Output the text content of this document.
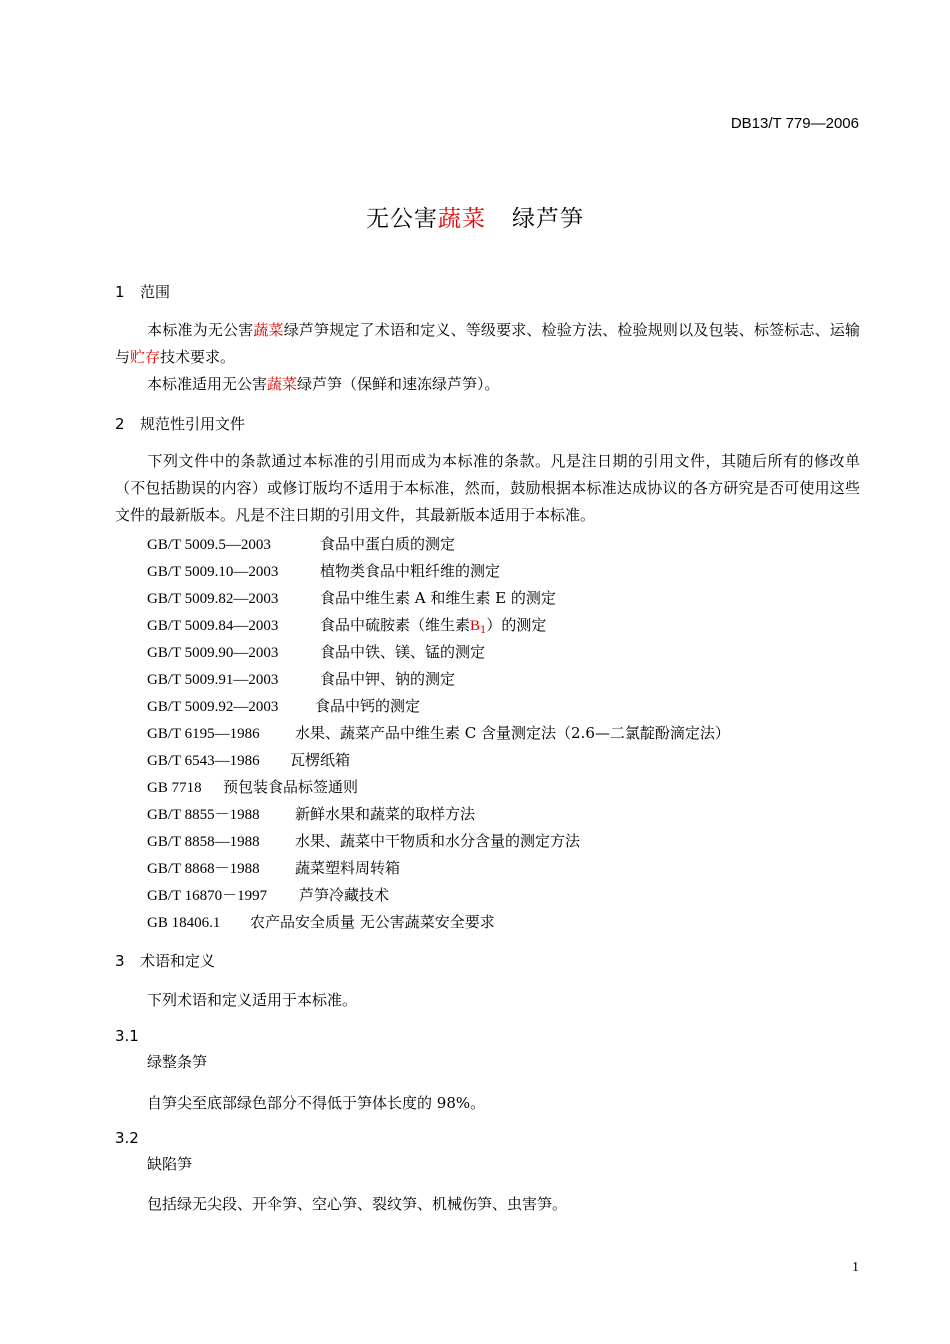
DB13/T 779—2006
无公害蔬菜 绿芦笋
1 范围
本标准为无公害蔬菜绿芦笋规定了术语和定义、等级要求、检验方法、检验规则以及包装、标签标志、运输与贮存技术要求。
本标准适用无公害蔬菜绿芦笋（保鲜和速冻绿芦笋）。
2 规范性引用文件
下列文件中的条款通过本标准的引用而成为本标准的条款。凡是注日期的引用文件，其随后所有的修改单（不包括勘误的内容）或修订版均不适用于本标准，然而，鼓励根据本标准达成协议的各方研究是否可使用这些文件的最新版本。凡是不注日期的引用文件，其最新版本适用于本标准。
GB/T 5009.5—2003	食品中蛋白质的测定
GB/T 5009.10—2003	植物类食品中粗纤维的测定
GB/T 5009.82—2003	食品中维生素 A 和维生素 E 的测定
GB/T 5009.84—2003	食品中硫胺素（维生素$B_1$）的测定
GB/T 5009.90—2003	食品中铁、镁、锰的测定
GB/T 5009.91—2003	食品中钾、钠的测定
GB/T 5009.92—2003 食品中钙的测定
GB/T 6195—1986 水果、蔬菜产品中维生素 C 含量测定法（2.6—二氯靛酚滴定法）
GB/T 6543—1986 瓦楞纸箱
GB 7718 预包装食品标签通则
GB/T 8855－1988 新鲜水果和蔬菜的取样方法
GB/T 8858—1988 水果、蔬菜中干物质和水分含量的测定方法
GB/T 8868－1988 蔬菜塑料周转箱
GB/T 16870－1997 芦笋冷藏技术
GB 18406.1 农产品安全质量 无公害蔬菜安全要求
3 术语和定义
下列术语和定义适用于本标准。
3.1
绿整条笋
自笋尖至底部绿色部分不得低于笋体长度的 98%。
3.2
缺陷笋
包括绿无尖段、开伞笋、空心笋、裂纹笋、机械伤笋、虫害笋。
1
